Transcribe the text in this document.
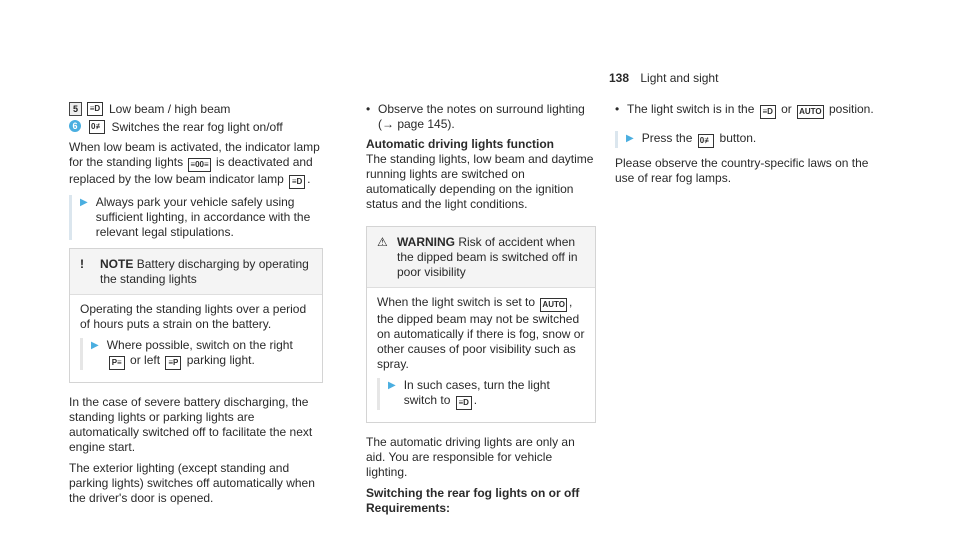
138 Light and sight
5	≡D Low beam / high beam
6	0≢ Switches the rear fog light on/off

When low beam is activated, the indicator lamp for the standing lights ≡00≡ is deactivated and replaced by the low beam indicator lamp ≡D .

▶ Always park your vehicle safely using sufficient lighting, in accordance with the relevant legal stipulations.
!	NOTE Battery discharging by operating the standing lights

Operating the standing lights over a period of hours puts a strain on the battery.

▶ Where possible, switch on the right P≡ or left ≡P parking light.

In the case of severe battery discharging, the standing lights or parking lights are automatically switched off to facilitate the next engine start.

The exterior lighting (except standing and parking lights) switches off automatically when the driver's door is opened.

• Observe the notes on surround lighting (→ page 145).
Automatic driving lights function

The standing lights, low beam and daytime running lights are switched on automatically depending on the ignition status and the light conditions.

⚠ WARNING Risk of accident when the dipped beam is switched off in poor visibility

When the light switch is set to AUTO , the dipped beam may not be switched on automatically if there is fog, snow or other causes of poor visibility such as spray.

▶ In such cases, turn the light switch to ≡D .

The automatic driving lights are only an aid. You are responsible for vehicle lighting.

Switching the rear fog lights on or off
Requirements:
• The light switch is in the ≡D or AUTO position.
▶ Press the 0≢ button.

Please observe the country-specific laws on the use of rear fog lamps.
